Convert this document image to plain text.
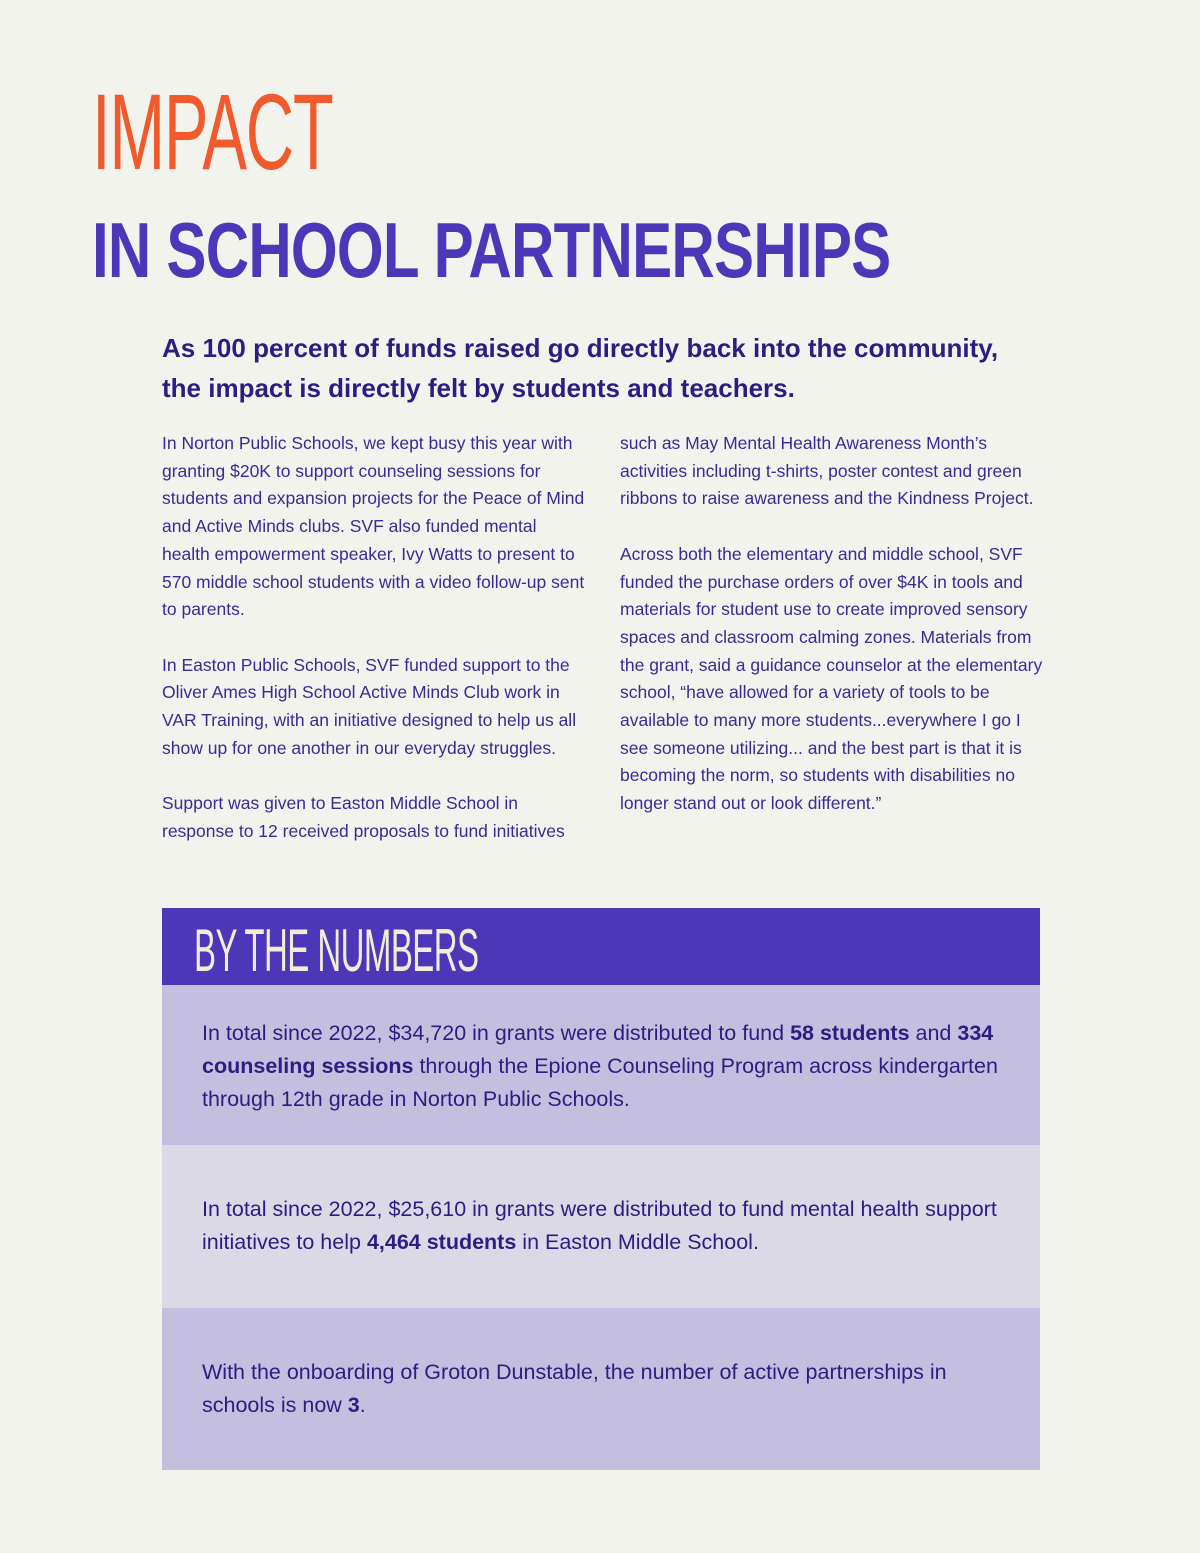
IMPACT
IN SCHOOL PARTNERSHIPS

As 100 percent of funds raised go directly back into the community, the impact is directly felt by students and teachers.

In Norton Public Schools, we kept busy this year with granting $20K to support counseling sessions for students and expansion projects for the Peace of Mind and Active Minds clubs. SVF also funded mental health empowerment speaker, Ivy Watts to present to 570 middle school students with a video follow-up sent to parents.

In Easton Public Schools, SVF funded support to the Oliver Ames High School Active Minds Club work in VAR Training, with an initiative designed to help us all show up for one another in our everyday struggles.

Support was given to Easton Middle School in response to 12 received proposals to fund initiatives

such as May Mental Health Awareness Month’s activities including t-shirts, poster contest and green ribbons to raise awareness and the Kindness Project.

Across both the elementary and middle school, SVF funded the purchase orders of over $4K in tools and materials for student use to create improved sensory spaces and classroom calming zones. Materials from the grant, said a guidance counselor at the elementary school, “have allowed for a variety of tools to be available to many more students...everywhere I go I see someone utilizing... and the best part is that it is becoming the norm, so students with disabilities no longer stand out or look different.”

BY THE NUMBERS

In total since 2022, $34,720 in grants were distributed to fund 58 students and 334 counseling sessions through the Epione Counseling Program across kindergarten through 12th grade in Norton Public Schools.

In total since 2022, $25,610 in grants were distributed to fund mental health support initiatives to help 4,464 students in Easton Middle School.

With the onboarding of Groton Dunstable, the number of active partnerships in schools is now 3.
